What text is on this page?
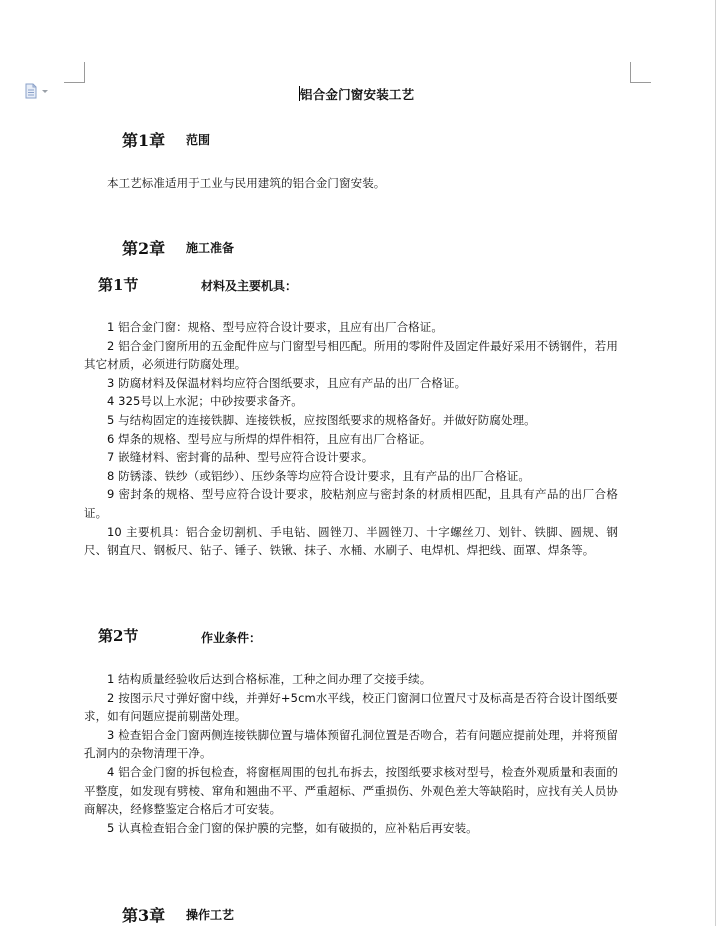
铝合金门窗安装工艺
第1章 范围

本工艺标准适用于工业与民用建筑的铝合金门窗安装。

第2章 施工准备
第1节	材料及主要机具：

1 铝合金门窗：规格、型号应符合设计要求，且应有出厂合格证。

2 铝合金门窗所用的五金配件应与门窗型号相匹配。所用的零附件及固定件最好采用不锈钢件，若用其它材质，必须进行防腐处理。

3 防腐材料及保温材料均应符合图纸要求，且应有产品的出厂合格证。

4 325号以上水泥；中砂按要求备齐。

5 与结构固定的连接铁脚、连接铁板，应按图纸要求的规格备好。并做好防腐处理。

6 焊条的规格、型号应与所焊的焊件相符，且应有出厂合格证。

7 嵌缝材料、密封膏的品种、型号应符合设计要求。

8 防锈漆、铁纱（或铝纱）、压纱条等均应符合设计要求，且有产品的出厂合格证。

9 密封条的规格、型号应符合设计要求，胶粘剂应与密封条的材质相匹配，且具有产品的出厂合格证。

10 主要机具：铝合金切割机、手电钻、圆锉刀、半圆锉刀、十字螺丝刀、划针、铁脚、圆规、钢尺、钢直尺、钢板尺、钻子、锤子、铁锹、抹子、水桶、水刷子、电焊机、焊把线、面罩、焊条等。

第2节	作业条件：

1 结构质量经验收后达到合格标准，工种之间办理了交接手续。

2 按图示尺寸弹好窗中线，并弹好+5cm水平线，校正门窗洞口位置尺寸及标高是否符合设计图纸要求，如有问题应提前剔凿处理。

3 检查铝合金门窗两侧连接铁脚位置与墙体预留孔洞位置是否吻合，若有问题应提前处理，并将预留孔洞内的杂物清理干净。

4 铝合金门窗的拆包检查，将窗框周围的包扎布拆去，按图纸要求核对型号，检查外观质量和表面的平整度，如发现有劈棱、窜角和翘曲不平、严重超标、严重损伤、外观色差大等缺陷时，应找有关人员协商解决，经修整鉴定合格后才可安装。

5 认真检查铝合金门窗的保护膜的完整，如有破损的，应补粘后再安装。

第3章 操作工艺
